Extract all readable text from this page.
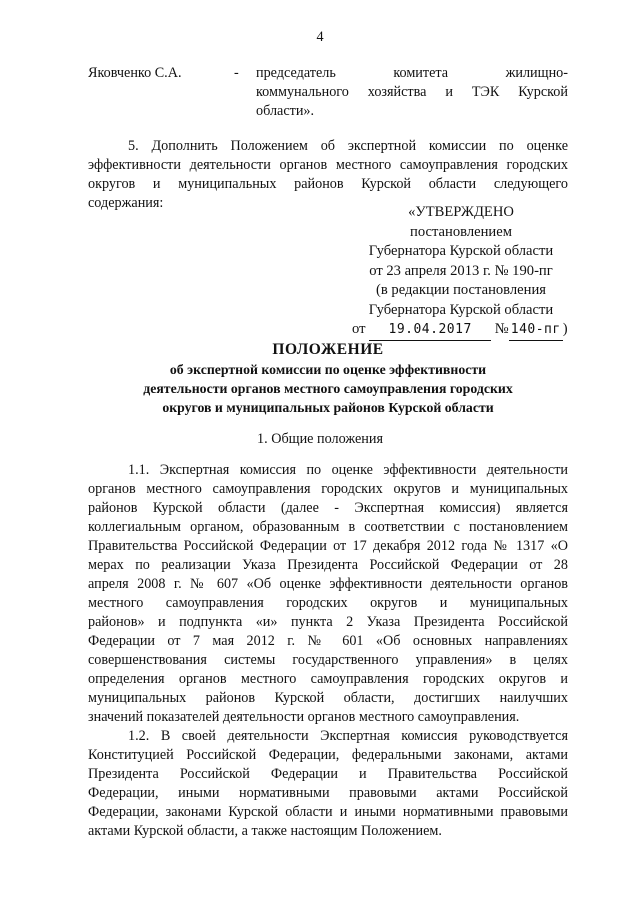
4
Яковченко С.А.	- председатель комитета жилищно-
коммунального хозяйства и ТЭК Курской
области».
5. Дополнить Положением об экспертной комиссии по оценке
эффективности деятельности органов местного самоуправления городских
округов и муниципальных районов Курской области следующего
содержания:
«УТВЕРЖДЕНО
постановлением
Губернатора Курской области
от 23 апреля 2013 г. № 190-пг
(в редакции постановления
Губернатора Курской области
от 19.04.2017 № 140-пг )
ПОЛОЖЕНИЕ
об экспертной комиссии по оценке эффективности
деятельности органов местного самоуправления городских
округов и муниципальных районов Курской области
1. Общие положения
1.1. Экспертная комиссия по оценке эффективности деятельности
органов местного самоуправления городских округов и муниципальных
районов Курской области (далее - Экспертная комиссия) является
коллегиальным органом, образованным в соответствии с постановлением
Правительства Российской Федерации от 17 декабря 2012 года № 1317 «О
мерах по реализации Указа Президента Российской Федерации от 28
апреля 2008 г. № 607 «Об оценке эффективности деятельности органов
местного самоуправления городских округов и муниципальных
районов» и подпункта «и» пункта 2 Указа Президента Российской
Федерации от 7 мая 2012 г. № 601 «Об основных направлениях
совершенствования системы государственного управления» в целях
определения органов местного самоуправления городских округов и
муниципальных районов Курской области, достигших наилучших
значений показателей деятельности органов местного самоуправления.
1.2. В своей деятельности Экспертная комиссия руководствуется
Конституцией Российской Федерации, федеральными законами, актами
Президента Российской Федерации и Правительства Российской
Федерации, иными нормативными правовыми актами Российской
Федерации, законами Курской области и иными нормативными правовыми
актами Курской области, а также настоящим Положением.
